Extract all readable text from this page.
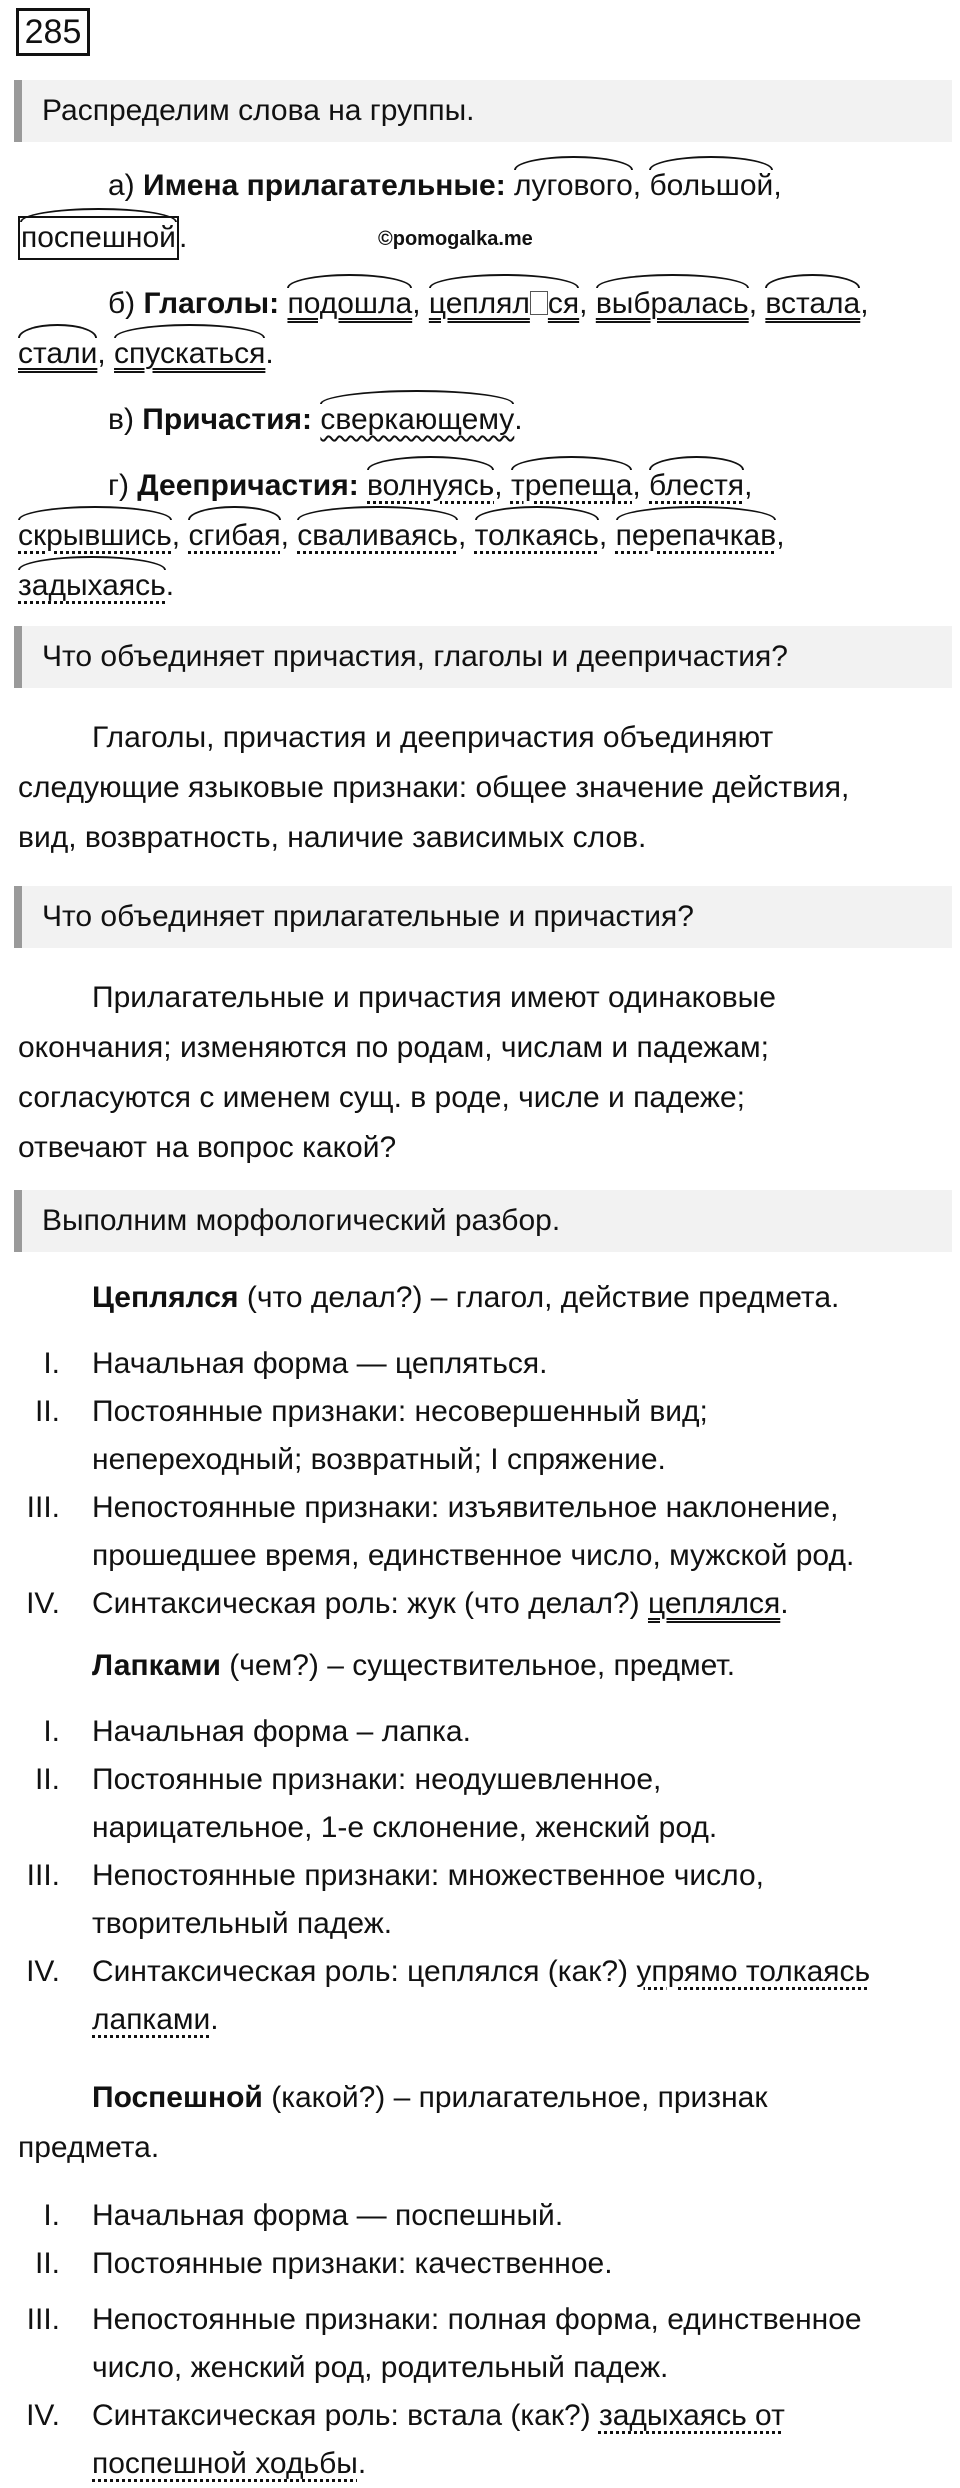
285
Распределим слова на группы.
а) Имена прилагательные: лугового,
большой,
поспешной .	©pomogalka.me
б) Глаголы: подошла,
цеплял ся,
выбралась,
встала,
стали,
спускаться.
в) Причастия: сверкающему.
г) Деепричастия: волнуясь,
трепеща,
блестя,
скрывшись,
сгибая,
сваливаясь,
толкаясь,
перепачкав,
задыхаясь.
Что объединяет причастия, глаголы и деепричастия?
Глаголы, причастия и деепричастия объединяют
следующие языковые признаки: общее значение действия,
вид, возвратность, наличие зависимых слов.
Что объединяет прилагательные и причастия?
Прилагательные и причастия имеют одинаковые
окончания; изменяются по родам, числам и падежам;
согласуются с именем сущ. в роде, числе и падеже;
отвечают на вопрос какой?
Выполним морфологический разбор.
Цеплялся (что делал?) – глагол, действие предмета.
I. Начальная форма — цепляться.
II. Постоянные признаки: несовершенный вид;
непереходный; возвратный; I спряжение.
III. Непостоянные признаки: изъявительное наклонение,
прошедшее время, единственное число, мужской род.
IV. Синтаксическая роль: жук (что делал?) цеплялся.
Лапками (чем?) – существительное, предмет.
I. Начальная форма – лапка.
II. Постоянные признаки: неодушевленное,
нарицательное, 1-е склонение, женский род.
III. Непостоянные признаки: множественное число,
творительный падеж.
IV. Синтаксическая роль: цеплялся (как?) упрямо толкаясь
лапками.
Поспешной (какой?) – прилагательное, признак
предмета.
I. Начальная форма — поспешный.
II. Постоянные признаки: качественное.
III. Непостоянные признаки: полная форма, единственное
число, женский род, родительный падеж.
IV. Синтаксическая роль: встала (как?) задыхаясь от
поспешной ходьбы.
